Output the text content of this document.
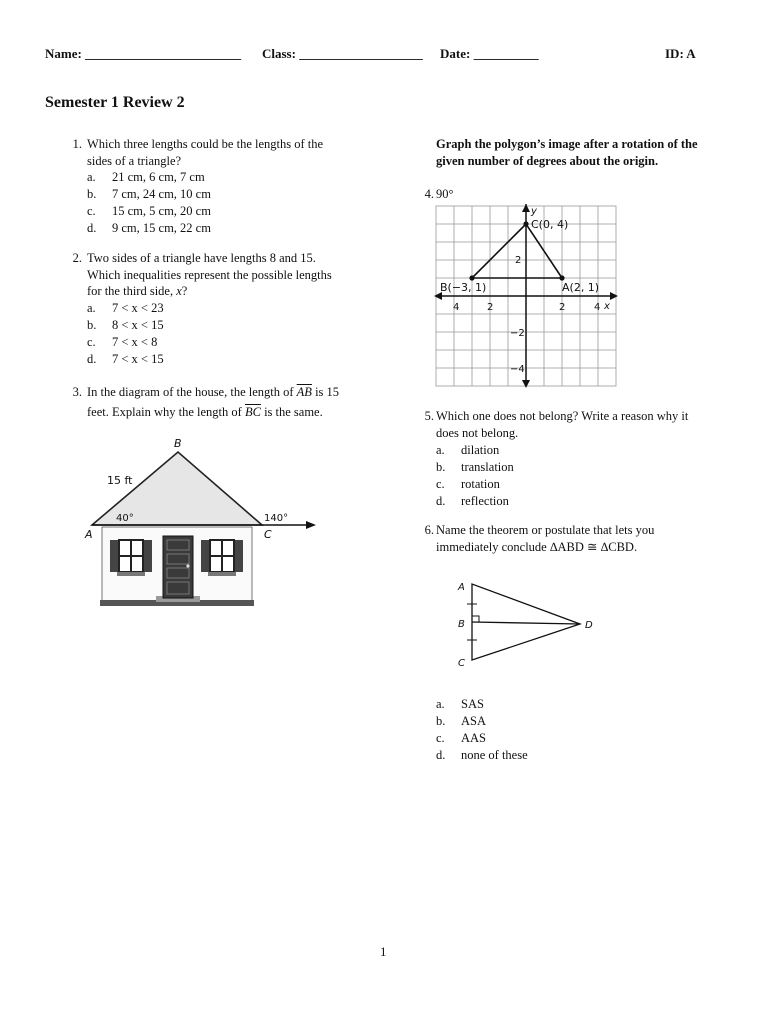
Name: ________________________ Class: ___________________ Date: __________	ID: A
Semester 1 Review 2
1. Which three lengths could be the lengths of the
sides of a triangle?
a. 21 cm, 6 cm, 7 cm
b. 7 cm, 24 cm, 10 cm
c. 15 cm, 5 cm, 20 cm
d. 9 cm, 15 cm, 22 cm
2. Two sides of a triangle have lengths 8 and 15.
Which inequalities represent the possible lengths
for the third side, x?
a. 7 < x < 23
b. 8 < x < 15
c. 7 < x < 8
d. 7 < x < 15
3. In the diagram of the house, the length of $\overline{AB}$ is 15
feet. Explain why the length of $\overline{BC}$ is the same.
B
A	C
15 ft
40°	140°
Graph the polygon’s image after a rotation of the given number of degrees about the origin.
4. 90°
y
x
C(0, 4)
B(−3, 1)	A(2, 1)
4	2	2	4
2
−2
−4
5. Which one does not belong? Write a reason why it
does not belong.
a. dilation
b. translation
c. rotation
d. reflection
6. Name the theorem or postulate that lets you
immediately conclude ∆ABD ≅ ∆CBD.
A
B
C
D
a. SAS
b. ASA
c. AAS
d. none of these
1
